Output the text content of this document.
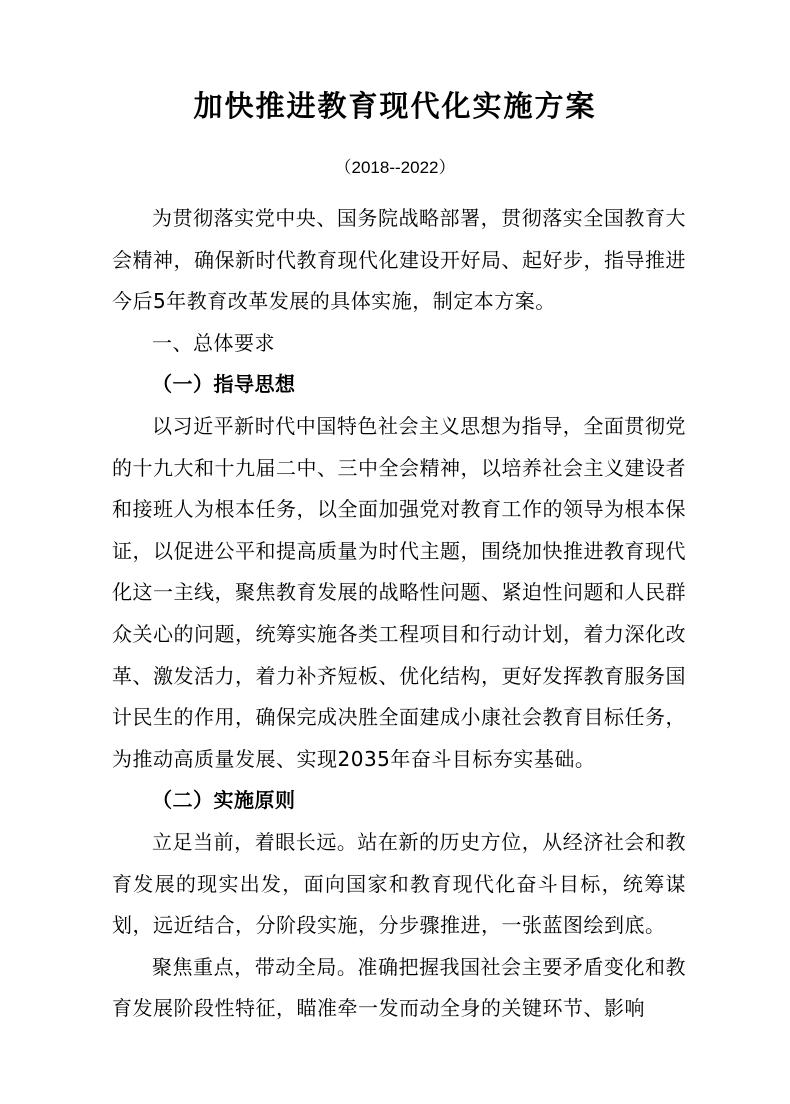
加快推进教育现代化实施方案
（2018--2022）

为贯彻落实党中央、国务院战略部署，贯彻落实全国教育大会精神，确保新时代教育现代化建设开好局、起好步，指导推进今后5年教育改革发展的具体实施，制定本方案。

一、总体要求

（一）指导思想

以习近平新时代中国特色社会主义思想为指导，全面贯彻党的十九大和十九届二中、三中全会精神，以培养社会主义建设者和接班人为根本任务，以全面加强党对教育工作的领导为根本保证，以促进公平和提高质量为时代主题，围绕加快推进教育现代化这一主线，聚焦教育发展的战略性问题、紧迫性问题和人民群众关心的问题，统筹实施各类工程项目和行动计划，着力深化改革、激发活力，着力补齐短板、优化结构，更好发挥教育服务国计民生的作用，确保完成决胜全面建成小康社会教育目标任务，为推动高质量发展、实现2035年奋斗目标夯实基础。

（二）实施原则

立足当前，着眼长远。站在新的历史方位，从经济社会和教育发展的现实出发，面向国家和教育现代化奋斗目标，统筹谋划，远近结合，分阶段实施，分步骤推进，一张蓝图绘到底。

聚焦重点，带动全局。准确把握我国社会主要矛盾变化和教育发展阶段性特征，瞄准牵一发而动全身的关键环节、影响
